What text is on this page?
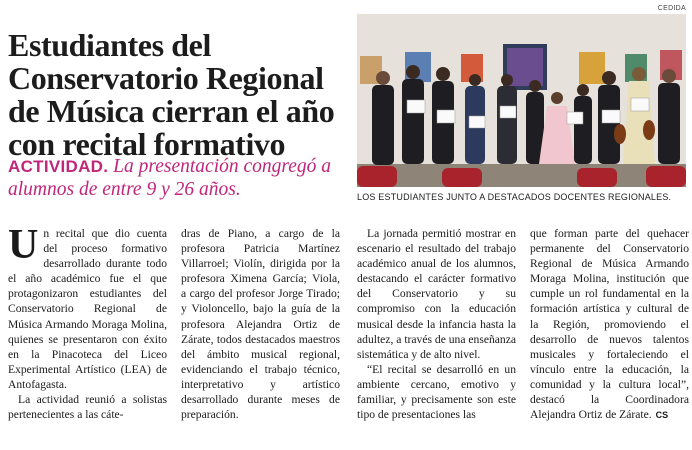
Estudiantes del Conservatorio Regional de Música cierran el año con recital formativo
ACTIVIDAD. La presentación congregó a alumnos de entre 9 y 26 años.
CEDIDA
LOS ESTUDIANTES JUNTO A DESTACADOS DOCENTES REGIONALES.

Un recital que dio cuenta del proceso formativo desarrollado durante todo el año académico fue el que protagonizaron estudiantes del Conservatorio Regional de Música Armando Moraga Molina, quienes se presentaron con éxito en la Pinacoteca del Liceo Experimental Artístico (LEA) de Antofagasta.

La actividad reunió a solistas pertenecientes a las cáte-

dras de Piano, a cargo de la profesora Patricia Martínez Villarroel; Violín, dirigida por la profesora Ximena García; Viola, a cargo del profesor Jorge Tirado; y Violoncello, bajo la guía de la profesora Alejandra Ortiz de Zárate, todos destacados maestros del ámbito musical regional, evidenciando el trabajo técnico, interpretativo y artístico desarrollado durante meses de preparación.

La jornada permitió mostrar en escenario el resultado del trabajo académico anual de los alumnos, destacando el carácter formativo del Conservatorio y su compromiso con la educación musical desde la infancia hasta la adultez, a través de una enseñanza sistemática y de alto nivel.

“El recital se desarrolló en un ambiente cercano, emotivo y familiar, y precisamente son este tipo de presentaciones las

que forman parte del quehacer permanente del Conservatorio Regional de Música Armando Moraga Molina, institución que cumple un rol fundamental en la formación artística y cultural de la Región, promoviendo el desarrollo de nuevos talentos musicales y fortaleciendo el vínculo entre la educación, la comunidad y la cultura local”, destacó la Coordinadora Alejandra Ortiz de Zárate. CS
